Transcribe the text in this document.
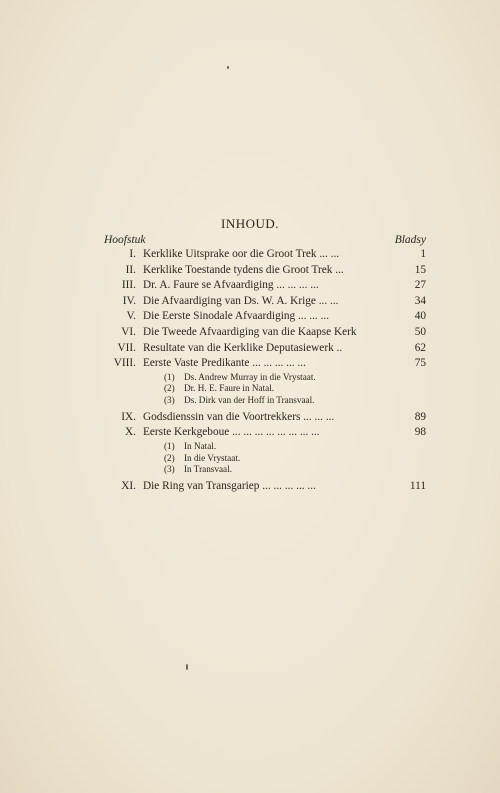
INHOUD.
Hoofstuk	Bladsy
I. Kerklike Uitsprake oor die Groot Trek ... ...	1
II. Kerklike Toestande tydens die Groot Trek ...	15
III. Dr. A. Faure se Afvaardiging ... ... ... ...	27
IV. Die Afvaardiging van Ds. W. A. Krige ... ...	34
V. Die Eerste Sinodale Afvaardiging ... ... ...	40
VI. Die Tweede Afvaardiging van die Kaapse Kerk	50
VII. Resultate van die Kerklike Deputasiewerk ..	62
VIII. Eerste Vaste Predikante ... ... ... ... ...	75
(1) Ds. Andrew Murray in die Vrystaat.
(2) Dr. H. E. Faure in Natal.
(3) Ds. Dirk van der Hoff in Transvaal.
IX. Godsdienssin van die Voortrekkers ... ... ...	89
X. Eerste Kerkgeboue ... ... ... ... ... ... ... ...	98
(1) In Natal.
(2) In die Vrystaat.
(3) In Transvaal.
XI. Die Ring van Transgariep ... ... ... ... ...	111
